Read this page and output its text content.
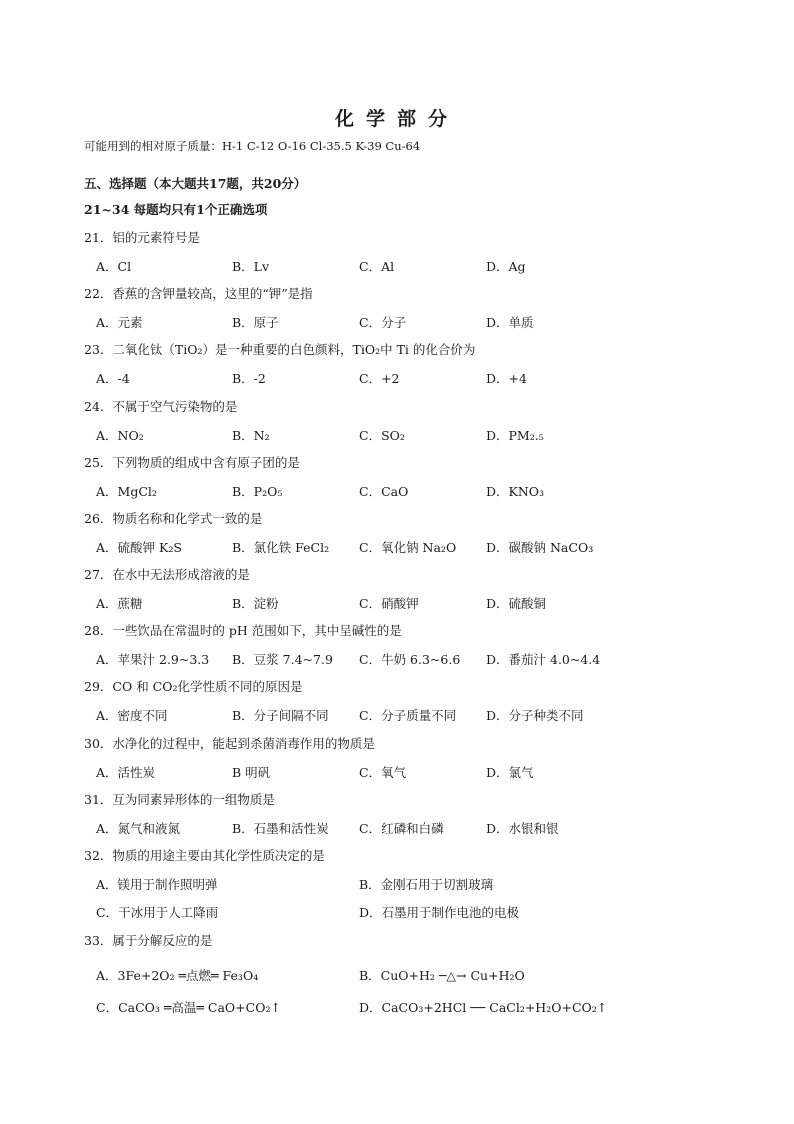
化学部分
可能用到的相对原子质量：H-1 C-12 O-16 Cl-35.5 K-39 Cu-64
五、选择题（本大题共17题，共20分）
21~34 每题均只有1个正确选项
21．铝的元素符号是
A．Cl	B．Lv	C．Al	D．Ag
22．香蕉的含钾量较高，这里的“钾”是指
A．元素	B．原子	C．分子	D．单质
23．二氧化钛（TiO₂）是一种重要的白色颜料，TiO₂中 Ti 的化合价为
A．-4	B．-2	C．+2	D．+4
24．不属于空气污染物的是
A．NO₂	B．N₂	C．SO₂	D．PM₂.₅
25．下列物质的组成中含有原子团的是
A．MgCl₂	B．P₂O₅	C．CaO	D．KNO₃
26．物质名称和化学式一致的是
A．硫酸钾 K₂S	B．氯化铁 FeCl₂ C．氧化钠 Na₂O D．碳酸钠 NaCO₃
27．在水中无法形成溶液的是
A．蔗糖	B．淀粉	C．硝酸钾	D．硫酸铜
28．一些饮品在常温时的 pH 范围如下，其中呈碱性的是
A．苹果汁 2.9~3.3 B．豆浆 7.4~7.9 C．牛奶 6.3~6.6 D．番茄汁 4.0~4.4
29．CO 和 CO₂化学性质不同的原因是
A．密度不同	B．分子间隔不同 C．分子质量不同 D．分子种类不同
30．水净化的过程中，能起到杀菌消毒作用的物质是
A．活性炭	B 明矾	C．氧气	D．氯气
31．互为同素异形体的一组物质是
A．氮气和液氮	B．石墨和活性炭 C．红磷和白磷	D．水银和银
32．物质的用途主要由其化学性质决定的是
A．镁用于制作照明弹	B．金刚石用于切割玻璃
C．干冰用于人工降雨	D．石墨用于制作电池的电极
33．属于分解反应的是
A．3Fe+2O₂ ═点燃═ Fe₃O₄	B．CuO+H₂ ─△→ Cu+H₂O
C．CaCO₃ ═高温═ CaO+CO₂↑	D．CaCO₃+2HCl ── CaCl₂+H₂O+CO₂↑
